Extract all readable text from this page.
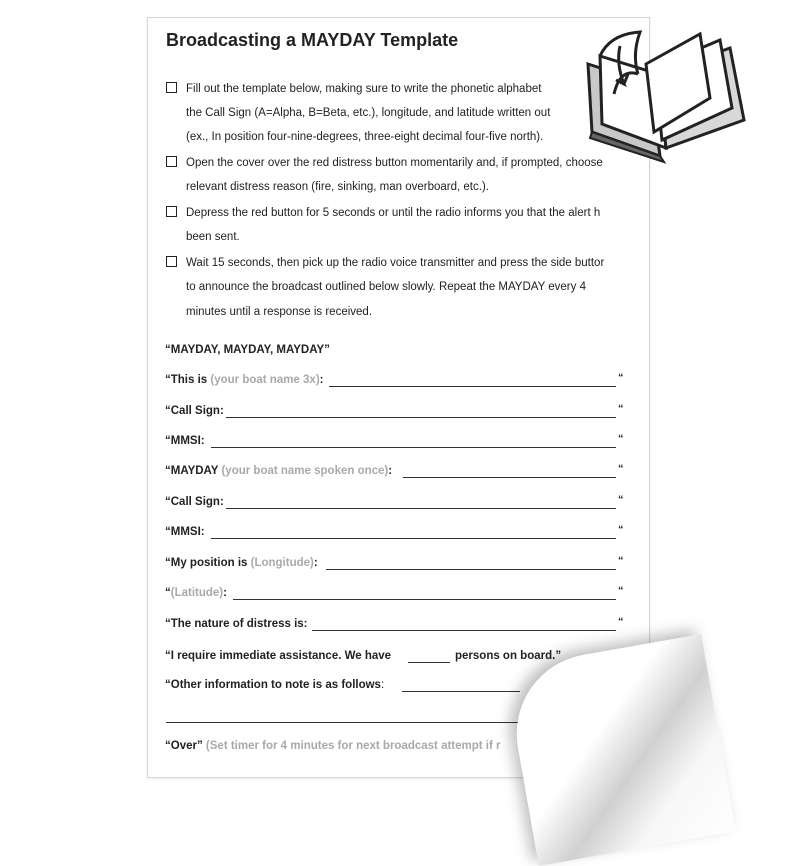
Broadcasting a MAYDAY Template
Fill out the template below, making sure to write the phonetic alphabet
the Call Sign (A=Alpha, B=Beta, etc.), longitude, and latitude written out
(ex., In position four-nine-degrees, three-eight decimal four-five north).
Open the cover over the red distress button momentarily and, if prompted, choose
relevant distress reason (fire, sinking, man overboard, etc.).
Depress the red button for 5 seconds or until the radio informs you that the alert h
been sent.
Wait 15 seconds, then pick up the radio voice transmitter and press the side buttor
to announce the broadcast outlined below slowly. Repeat the MAYDAY every 4
minutes until a response is received.
“MAYDAY, MAYDAY, MAYDAY”
“This is (your boat name 3x):	“
“Call Sign:	“
“MMSI:	“
“MAYDAY (your boat name spoken once):	“
“Call Sign:	“
“MMSI:	“
“My position is (Longitude):	“
“(Latitude):	“
“The nature of distress is:	“
“I require immediate assistance. We have	persons on board.”
“Other information to note is as follows:
“Over” (Set timer for 4 minutes for next broadcast attempt if r
